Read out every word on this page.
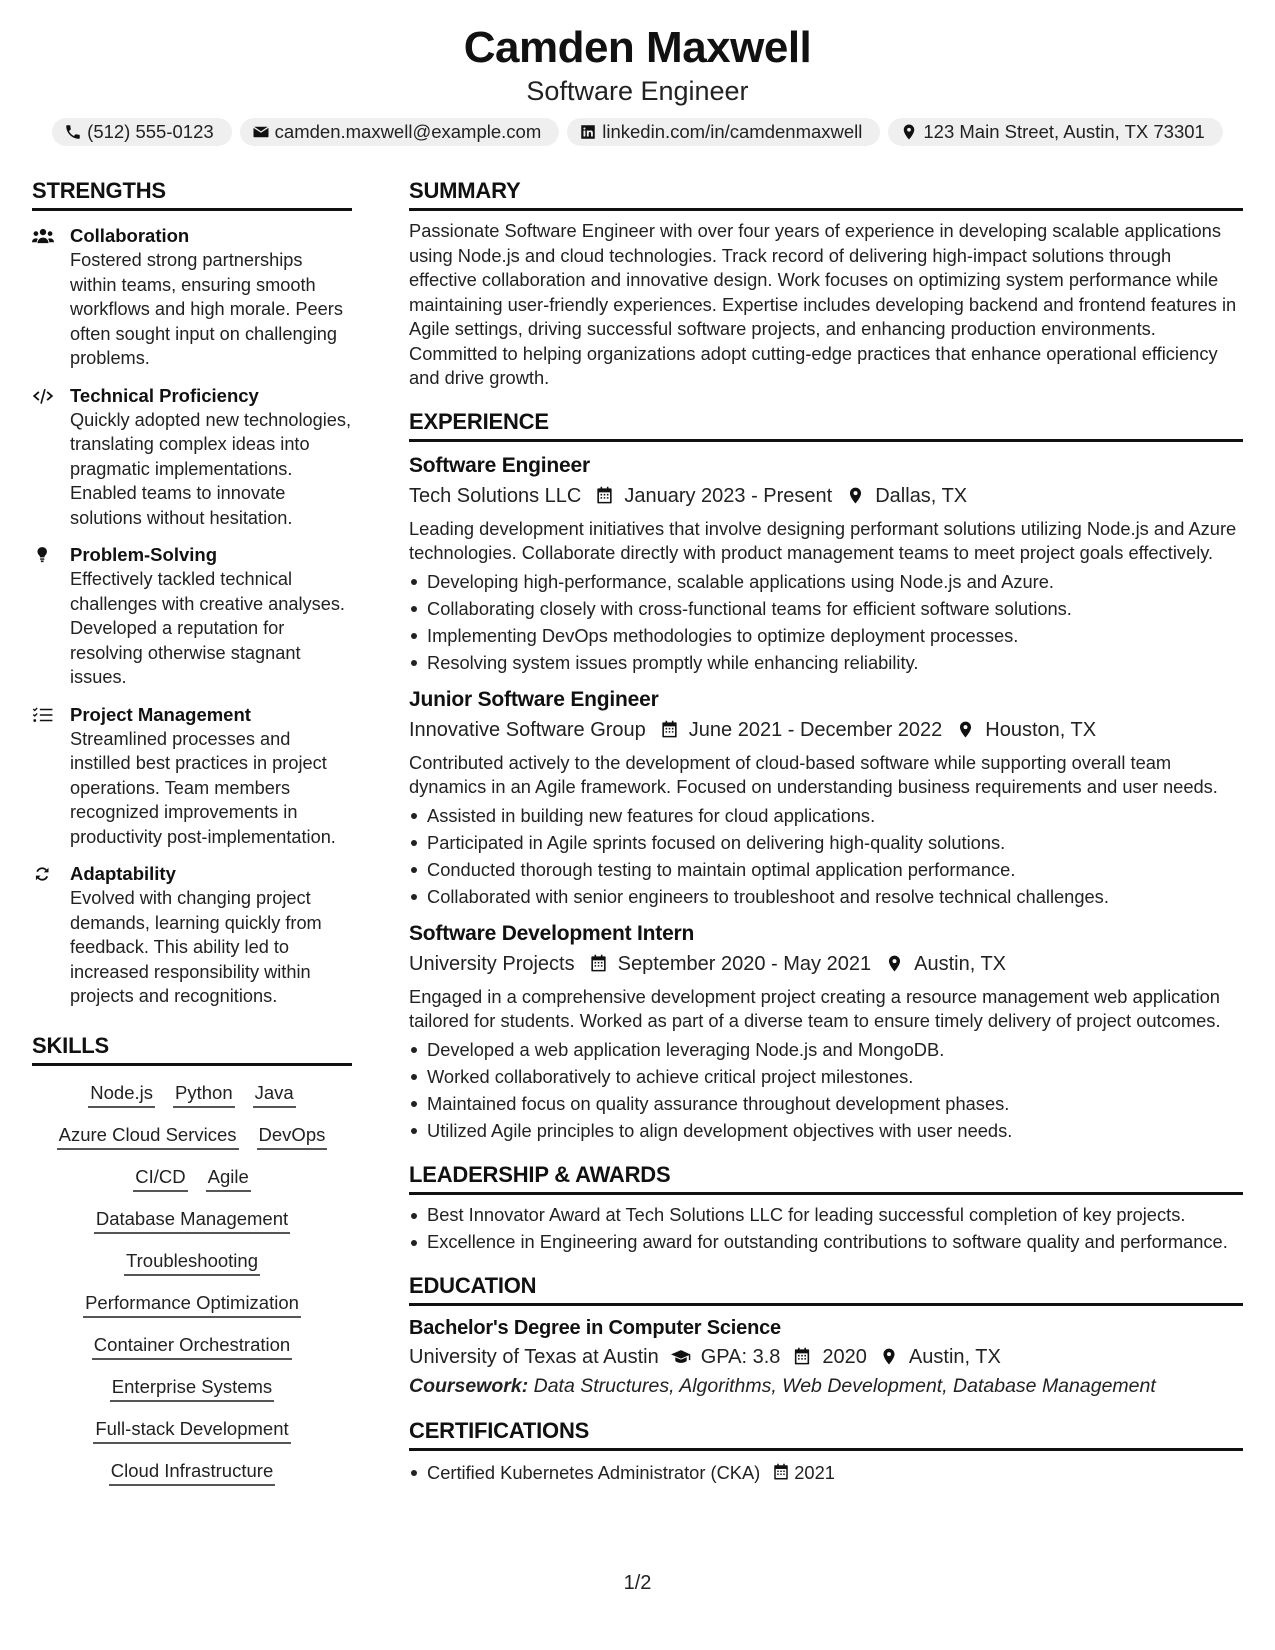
Camden Maxwell
Software Engineer
(512) 555-0123	camden.maxwell@example.com	linkedin.com/in/camdenmaxwell	123 Main Street, Austin, TX 73301
STRENGTHS
Collaboration
Fostered strong partnerships within teams, ensuring smooth workflows and high morale. Peers often sought input on challenging problems.
Technical Proficiency
Quickly adopted new technologies, translating complex ideas into pragmatic implementations. Enabled teams to innovate solutions without hesitation.
Problem-Solving
Effectively tackled technical challenges with creative analyses. Developed a reputation for resolving otherwise stagnant issues.
Project Management
Streamlined processes and instilled best practices in project operations. Team members recognized improvements in productivity post-implementation.
Adaptability
Evolved with changing project demands, learning quickly from feedback. This ability led to increased responsibility within projects and recognitions.
SKILLS
Node.js Python Java
Azure Cloud Services DevOps
CI/CD Agile
Database Management
Troubleshooting
Performance Optimization
Container Orchestration
Enterprise Systems
Full-stack Development
Cloud Infrastructure
SUMMARY
Passionate Software Engineer with over four years of experience in developing scalable applications using Node.js and cloud technologies. Track record of delivering high-impact solutions through effective collaboration and innovative design. Work focuses on optimizing system performance while maintaining user-friendly experiences. Expertise includes developing backend and frontend features in Agile settings, driving successful software projects, and enhancing production environments. Committed to helping organizations adopt cutting-edge practices that enhance operational efficiency and drive growth.
EXPERIENCE
Software Engineer
Tech Solutions LLC January 2023 - Present Dallas, TX
Leading development initiatives that involve designing performant solutions utilizing Node.js and Azure technologies. Collaborate directly with product management teams to meet project goals effectively.
Developing high-performance, scalable applications using Node.js and Azure.
Collaborating closely with cross-functional teams for efficient software solutions.
Implementing DevOps methodologies to optimize deployment processes.
Resolving system issues promptly while enhancing reliability.
Junior Software Engineer
Innovative Software Group June 2021 - December 2022 Houston, TX
Contributed actively to the development of cloud-based software while supporting overall team dynamics in an Agile framework. Focused on understanding business requirements and user needs.
Assisted in building new features for cloud applications.
Participated in Agile sprints focused on delivering high-quality solutions.
Conducted thorough testing to maintain optimal application performance.
Collaborated with senior engineers to troubleshoot and resolve technical challenges.
Software Development Intern
University Projects September 2020 - May 2021 Austin, TX
Engaged in a comprehensive development project creating a resource management web application tailored for students. Worked as part of a diverse team to ensure timely delivery of project outcomes.
Developed a web application leveraging Node.js and MongoDB.
Worked collaboratively to achieve critical project milestones.
Maintained focus on quality assurance throughout development phases.
Utilized Agile principles to align development objectives with user needs.
LEADERSHIP & AWARDS
Best Innovator Award at Tech Solutions LLC for leading successful completion of key projects.
Excellence in Engineering award for outstanding contributions to software quality and performance.
EDUCATION
Bachelor's Degree in Computer Science
University of Texas at Austin GPA: 3.8 2020 Austin, TX
Coursework: Data Structures, Algorithms, Web Development, Database Management
CERTIFICATIONS
Certified Kubernetes Administrator (CKA) 2021
1/2
